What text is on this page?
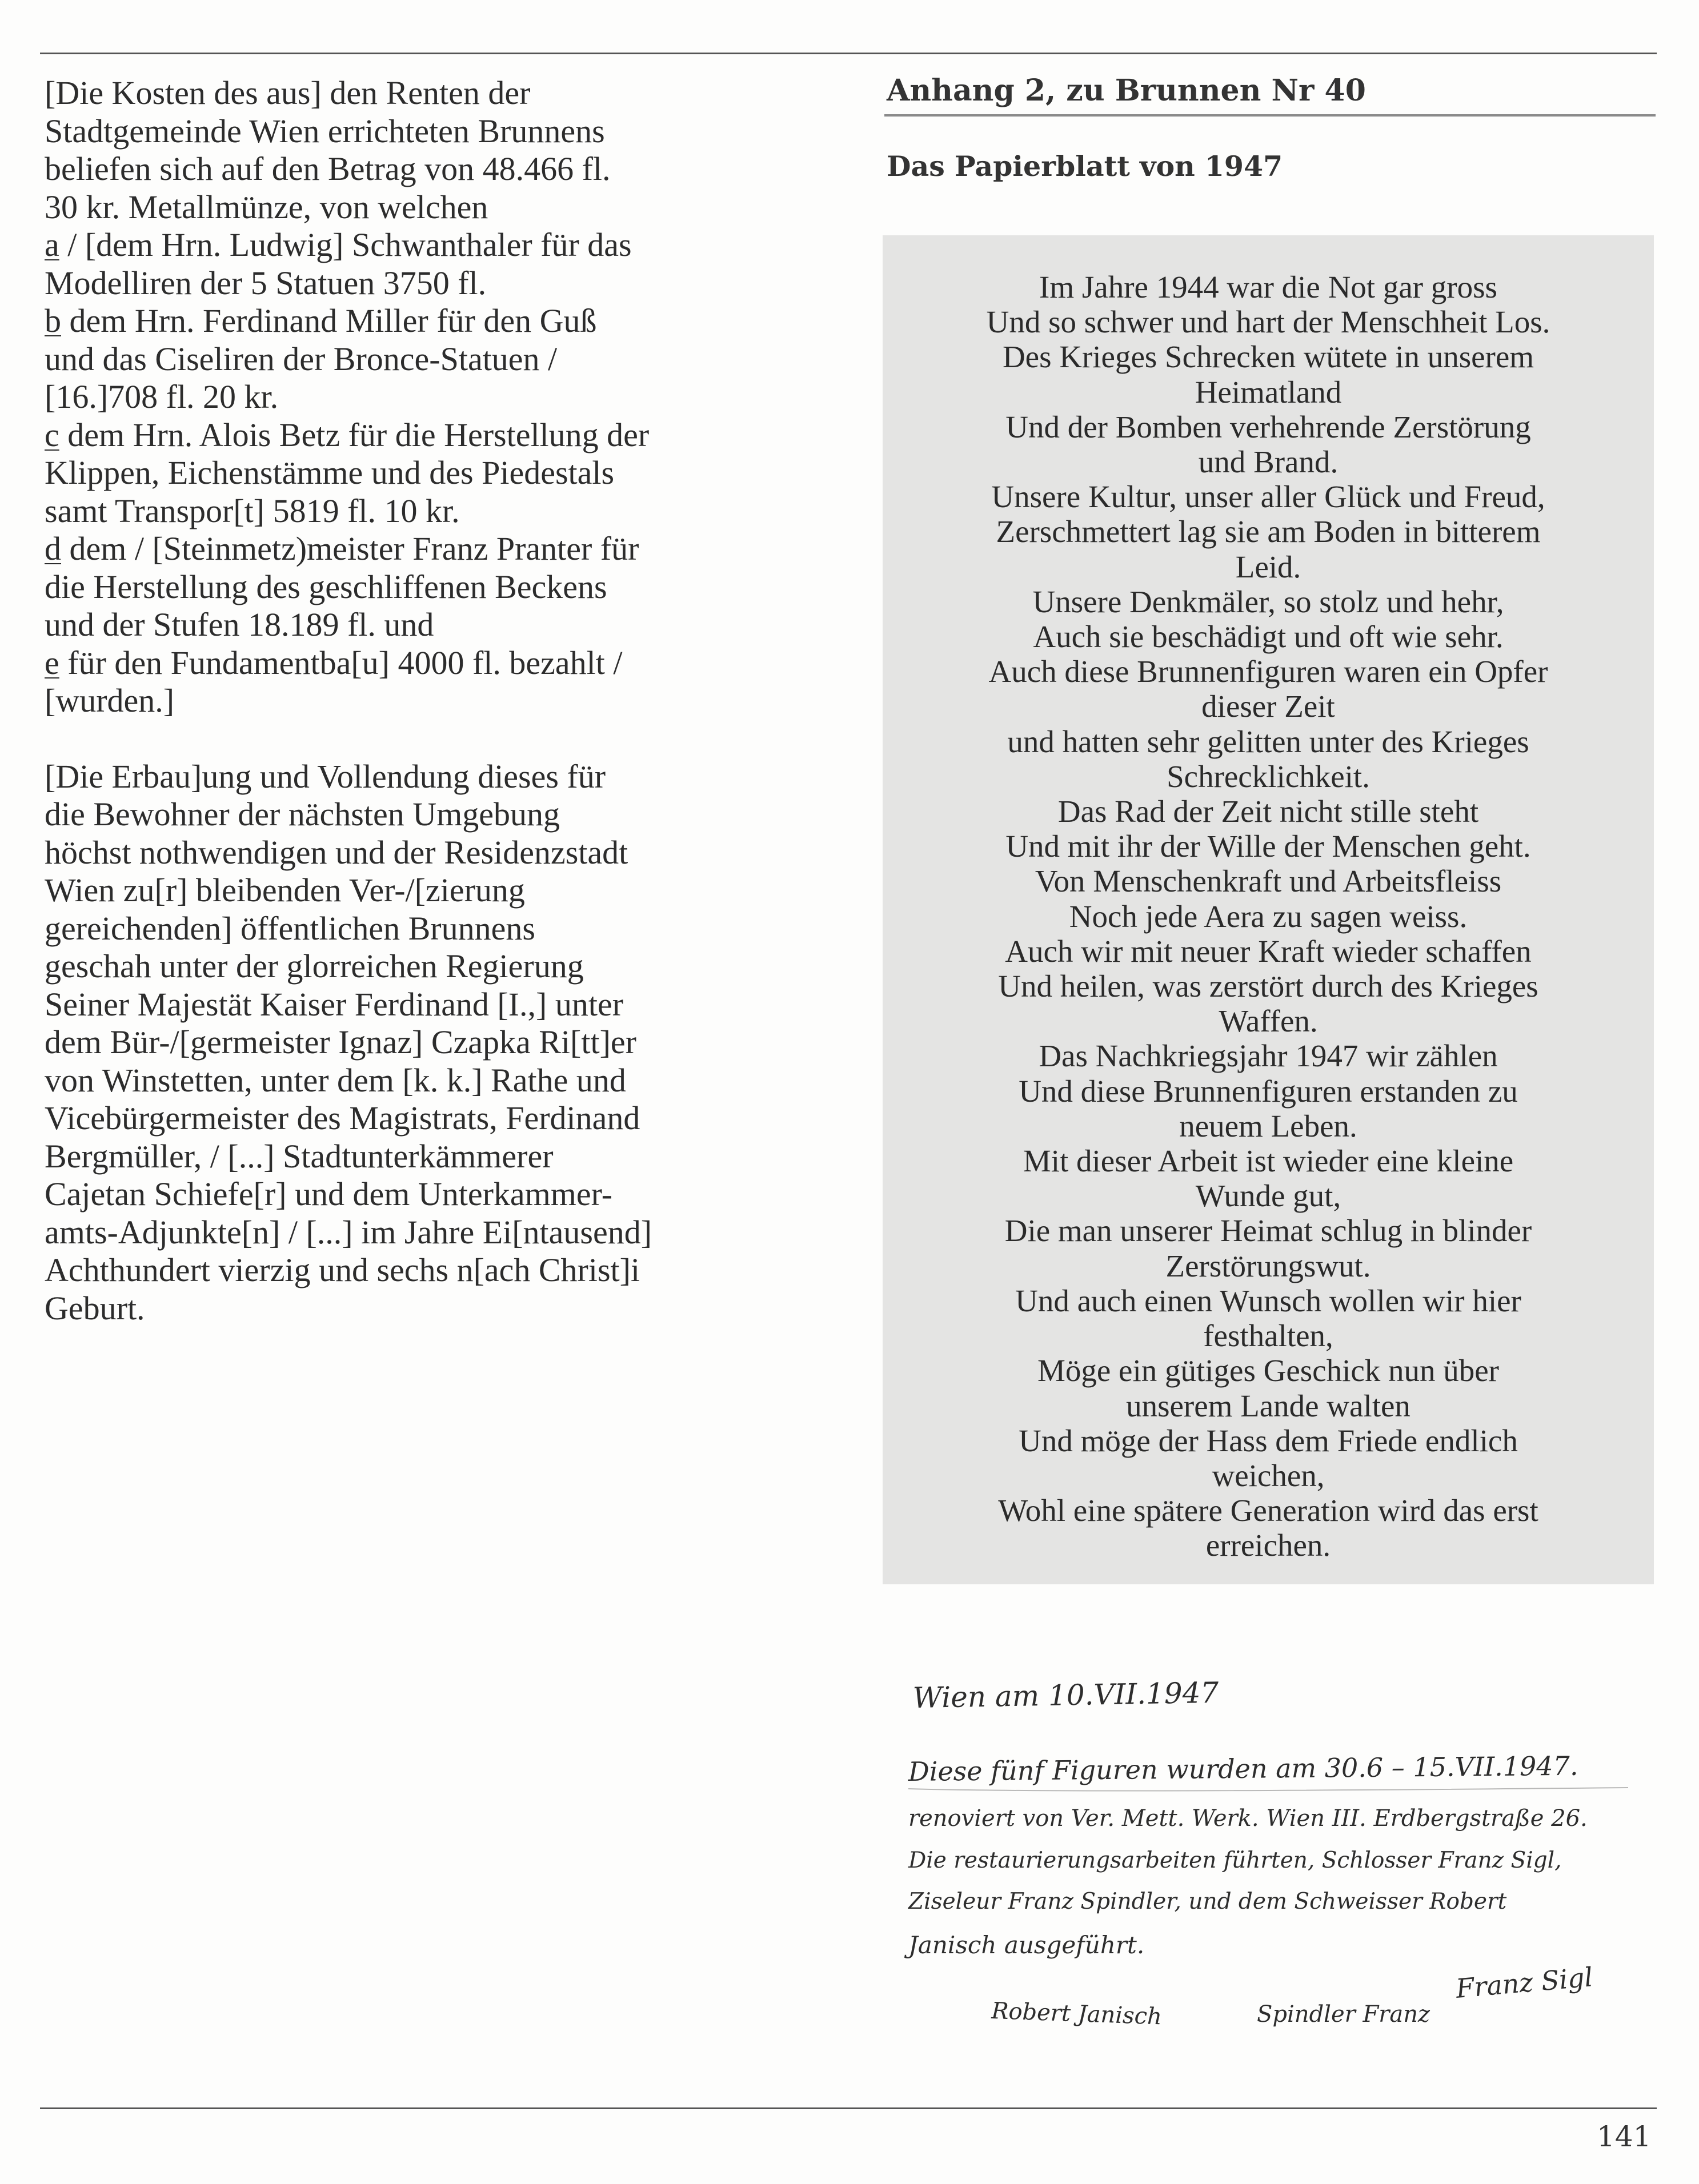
[Die Kosten des aus] den Renten der
Stadtgemeinde Wien errichteten Brunnens
beliefen sich auf den Betrag von 48.466 fl.
30 kr. Metallmünze, von welchen
a / [dem Hrn. Ludwig] Schwanthaler für das
Modelliren der 5 Statuen 3750 fl.
b dem Hrn. Ferdinand Miller für den Guß
und das Ciseliren der Bronce-Statuen /
[16.]708 fl. 20 kr.
c dem Hrn. Alois Betz für die Herstellung der
Klippen, Eichenstämme und des Piedestals
samt Transpor[t] 5819 fl. 10 kr.
d dem / [Steinmetz)meister Franz Pranter für
die Herstellung des geschliffenen Beckens
und der Stufen 18.189 fl. und
e für den Fundamentba[u] 4000 fl. bezahlt /
[wurden.]

[Die Erbau]ung und Vollendung dieses für
die Bewohner der nächsten Umgebung
höchst nothwendigen und der Residenzstadt
Wien zu[r] bleibenden Ver-/[zierung
gereichenden] öffentlichen Brunnens
geschah unter der glorreichen Regierung
Seiner Majestät Kaiser Ferdinand [I.,] unter
dem Bür-/[germeister Ignaz] Czapka Ri[tt]er
von Winstetten, unter dem [k. k.] Rathe und
Vicebürgermeister des Magistrats, Ferdinand
Bergmüller, / [...] Stadtunterkämmerer
Cajetan Schiefe[r] und dem Unterkammer-
amts-Adjunkte[n] / [...] im Jahre Ei[ntausend]
Achthundert vierzig und sechs n[ach Christ]i
Geburt.

Anhang 2, zu Brunnen Nr 40
Das Papierblatt von 1947
Im Jahre 1944 war die Not gar gross
Und so schwer und hart der Menschheit Los.
Des Krieges Schrecken wütete in unserem
Heimatland
Und der Bomben verhehrende Zerstörung
und Brand.
Unsere Kultur, unser aller Glück und Freud,
Zerschmettert lag sie am Boden in bitterem
Leid.
Unsere Denkmäler, so stolz und hehr,
Auch sie beschädigt und oft wie sehr.
Auch diese Brunnenfiguren waren ein Opfer
dieser Zeit
und hatten sehr gelitten unter des Krieges
Schrecklichkeit.
Das Rad der Zeit nicht stille steht
Und mit ihr der Wille der Menschen geht.
Von Menschenkraft und Arbeitsfleiss
Noch jede Aera zu sagen weiss.
Auch wir mit neuer Kraft wieder schaffen
Und heilen, was zerstört durch des Krieges
Waffen.
Das Nachkriegsjahr 1947 wir zählen
Und diese Brunnenfiguren erstanden zu
neuem Leben.
Mit dieser Arbeit ist wieder eine kleine
Wunde gut,
Die man unserer Heimat schlug in blinder
Zerstörungswut.
Und auch einen Wunsch wollen wir hier
festhalten,
Möge ein gütiges Geschick nun über
unserem Lande walten
Und möge der Hass dem Friede endlich
weichen,
Wohl eine spätere Generation wird das erst
erreichen.
Wien am 10.VII.1947
Diese fünf Figuren wurden am 30.6 – 15.VII.1947.
renoviert von Ver. Mett. Werk. Wien III. Erdbergstraße 26.
Die restaurierungsarbeiten führten, Schlosser Franz Sigl,
Ziseleur Franz Spindler, und dem Schweisser Robert
Janisch ausgeführt.
Robert Janisch	Spindler Franz
Franz Sigl
141
